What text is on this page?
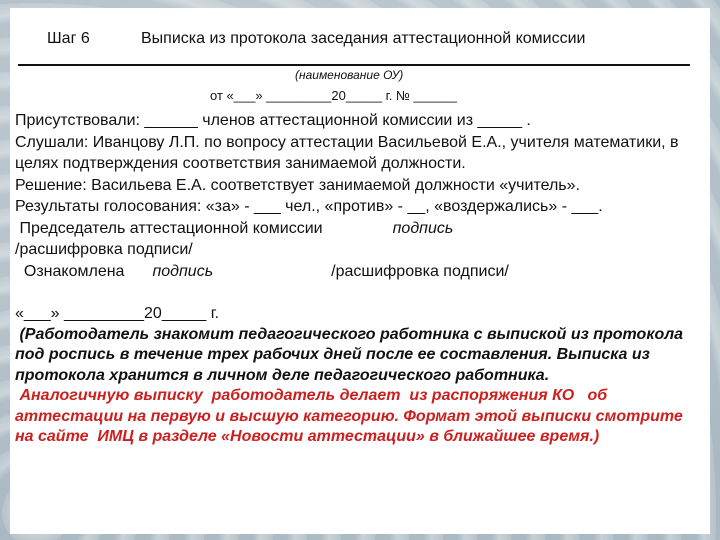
Шаг 6	Выписка из протокола заседания аттестационной комиссии
(наименование ОУ)
от «___» _________20_____ г. № ______

Присутствовали: ______ членов аттестационной комиссии из _____ .

Слушали: Иванцову Л.П. по вопросу аттестации Васильевой Е.А., учителя математики, в целях подтверждения соответствия занимаемой должности.

Решение: Васильева Е.А. соответствует занимаемой должности «учитель».

Результаты голосования: «за» - ___ чел., «против» - __, «воздержались» - ___.

Председатель аттестационной комиссии	подпись

/расшифровка подписи/

Ознакомлена подпись	/расшифровка подписи/

«___» _________20_____ г.

(Работодатель знакомит педагогического работника с выпиской из протокола под роспись в течение трех рабочих дней после ее составления. Выписка из протокола хранится в личном деле педагогического работника.

Аналогичную выписку  работодатель делает  из распоряжения КО   об аттестации на первую и высшую категорию. Формат этой выписки смотрите на сайте  ИМЦ в разделе «Новости аттестации» в ближайшее время.)
